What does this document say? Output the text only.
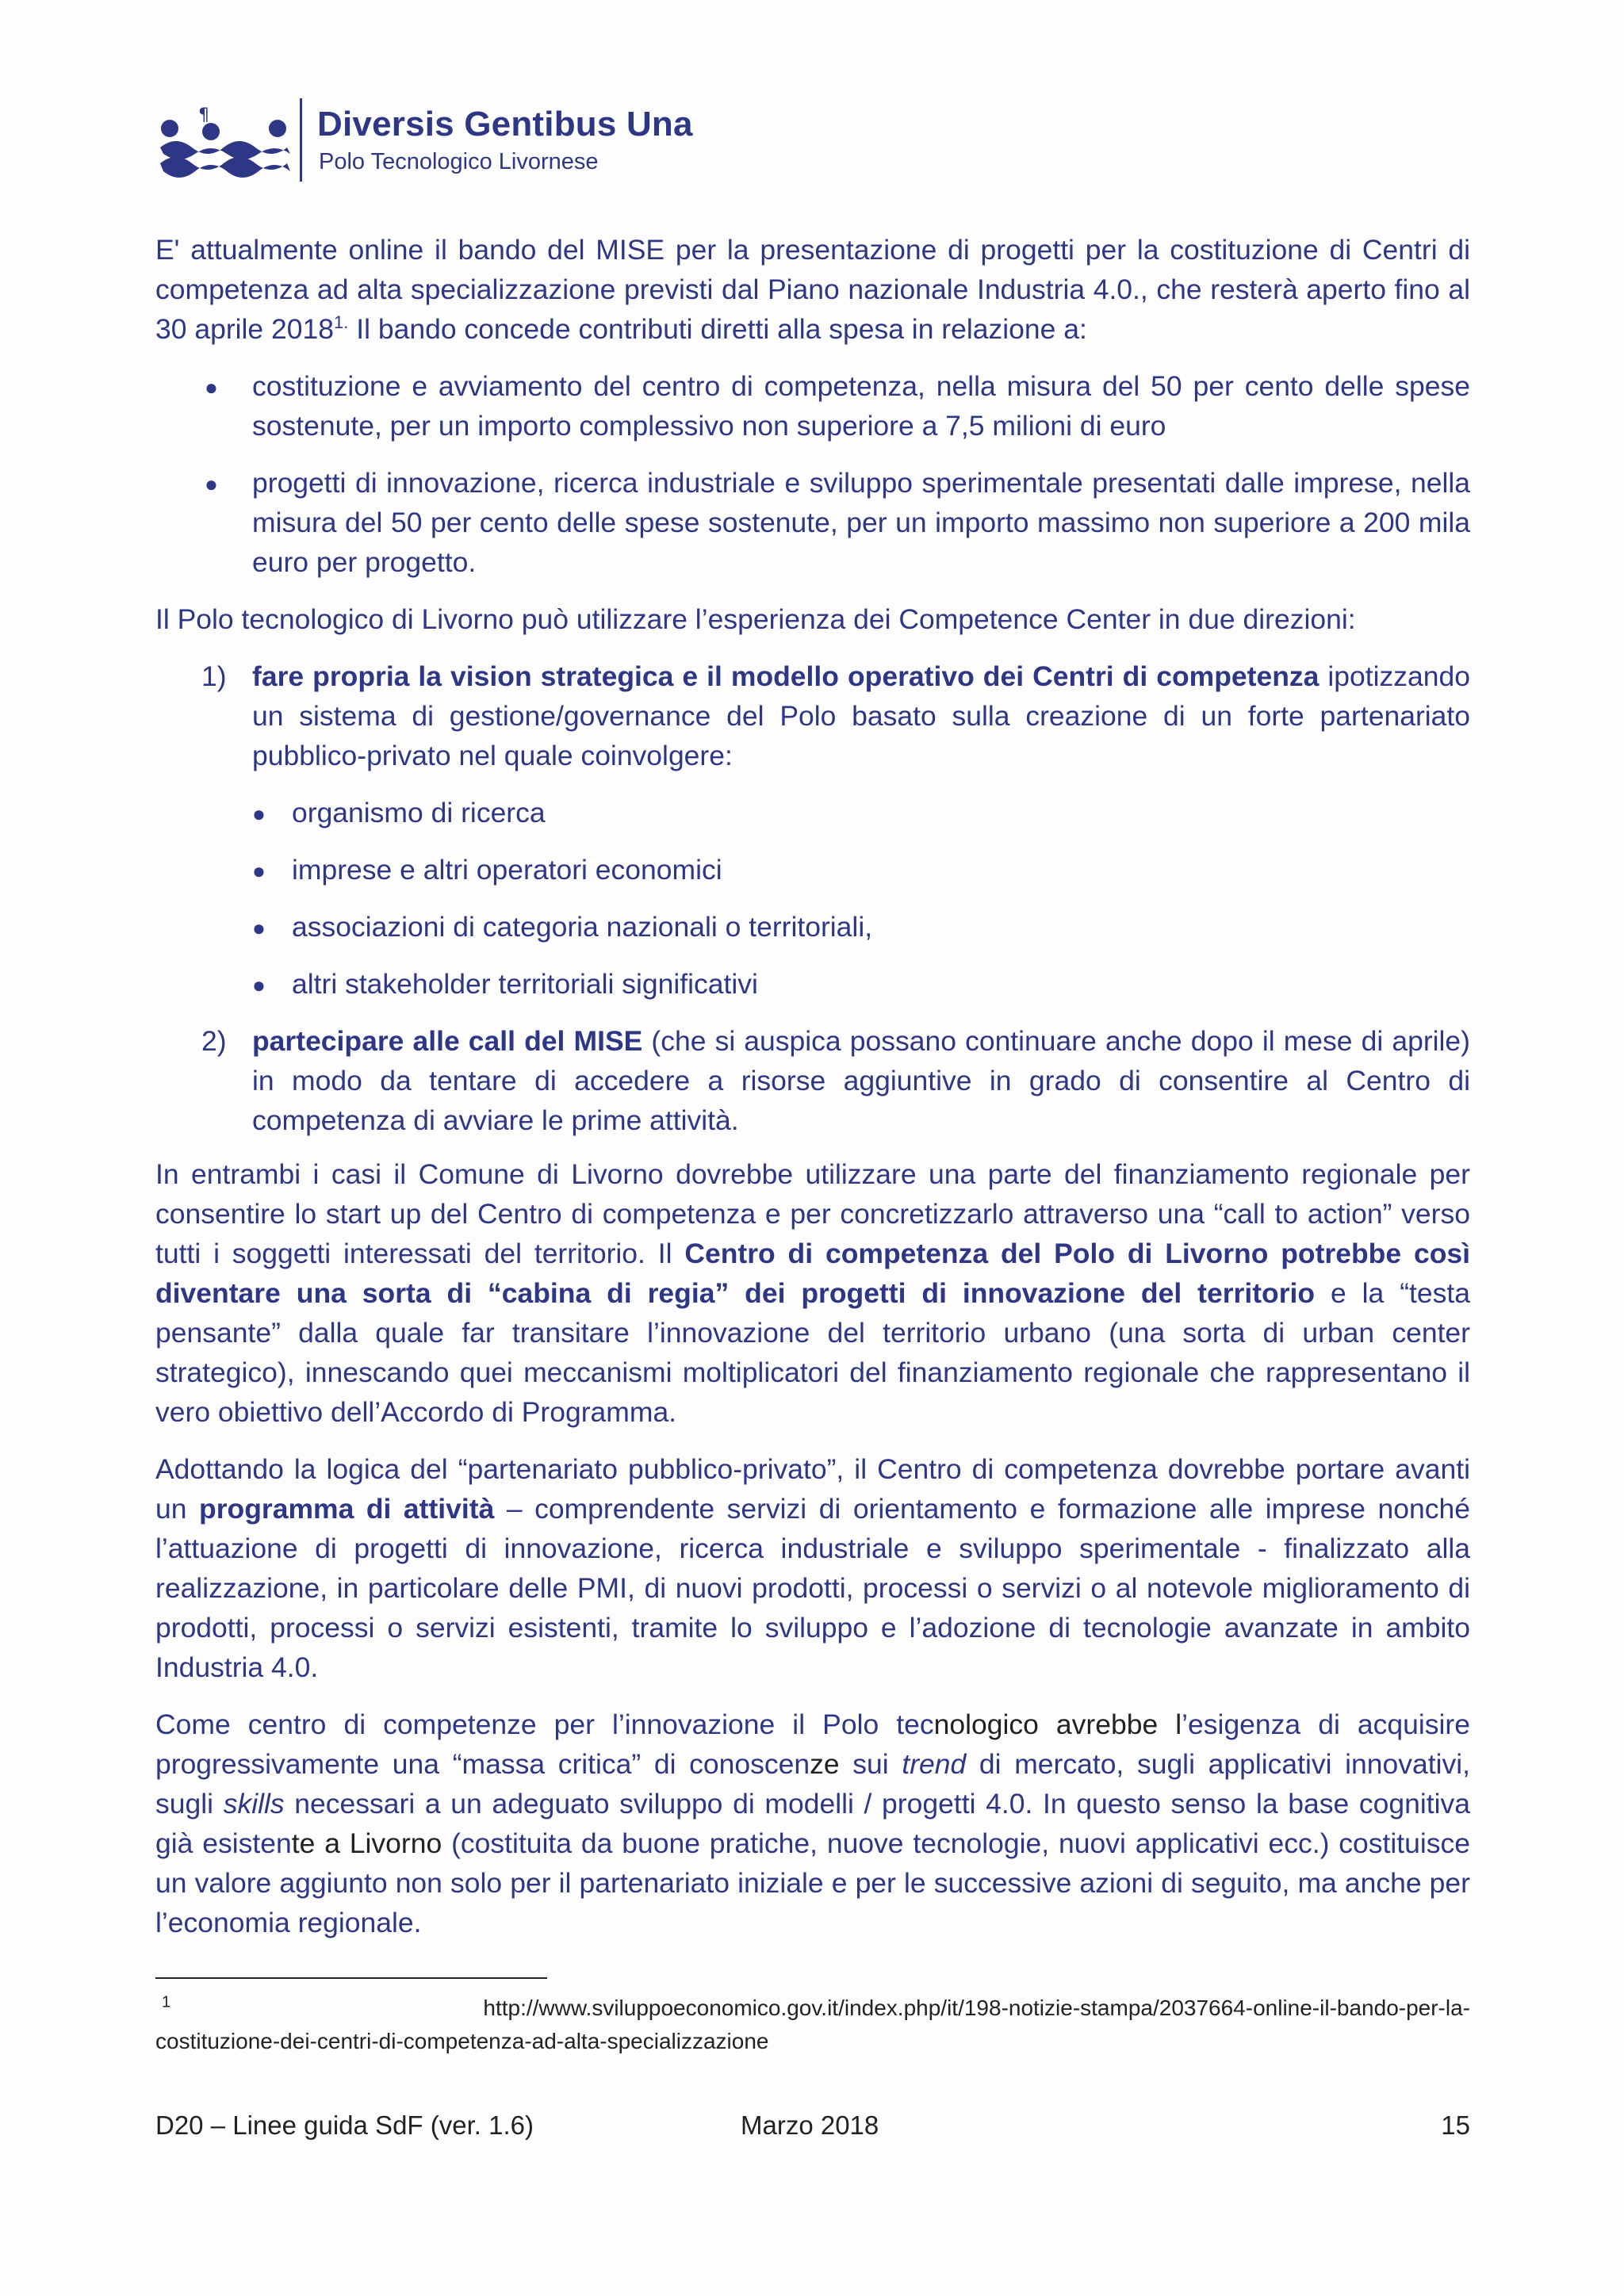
¶	Diversis Gentibus Una
Polo Tecnologico Livornese

E' attualmente online il bando del MISE per la presentazione di progetti per la costituzione di Centri di competenza ad alta specializzazione previsti dal Piano nazionale Industria 4.0., che resterà aperto fino al 30 aprile $2018^{1.}$ Il bando concede contributi diretti alla spesa in relazione a:

● costituzione e avviamento del centro di competenza, nella misura del 50 per cento delle spese sostenute, per un importo complessivo non superiore a 7,5 milioni di euro
● progetti di innovazione, ricerca industriale e sviluppo sperimentale presentati dalle imprese, nella misura del 50 per cento delle spese sostenute, per un importo massimo non superiore a 200 mila euro per progetto.

Il Polo tecnologico di Livorno può utilizzare l’esperienza dei Competence Center in due direzioni:

1) fare propria la vision strategica e il modello operativo dei Centri di competenza ipotizzando un sistema di gestione/governance del Polo basato sulla creazione di un forte partenariato pubblico-privato nel quale coinvolgere:
● organismo di ricerca
● imprese e altri operatori economici
● associazioni di categoria nazionali o territoriali,
● altri stakeholder territoriali significativi
2) partecipare alle call del MISE (che si auspica possano continuare anche dopo il mese di aprile) in modo da tentare di accedere a risorse aggiuntive in grado di consentire al Centro di competenza di avviare le prime attività.

In entrambi i casi il Comune di Livorno dovrebbe utilizzare una parte del finanziamento regionale per consentire lo start up del Centro di competenza e per concretizzarlo attraverso una “call to action” verso tutti i soggetti interessati del territorio. Il Centro di competenza del Polo di Livorno potrebbe così diventare una sorta di “cabina di regia” dei progetti di innovazione del territorio e la “testa pensante” dalla quale far transitare l’innovazione del territorio urbano (una sorta di urban center strategico), innescando quei meccanismi moltiplicatori del finanziamento regionale che rappresentano il vero obiettivo dell’Accordo di Programma.

Adottando la logica del “partenariato pubblico-privato”, il Centro di competenza dovrebbe portare avanti un programma di attività – comprendente servizi di orientamento e formazione alle imprese nonché l’attuazione di progetti di innovazione, ricerca industriale e sviluppo sperimentale - finalizzato alla realizzazione, in particolare delle PMI, di nuovi prodotti, processi o servizi o al notevole miglioramento di prodotti, processi o servizi esistenti, tramite lo sviluppo e l’adozione di tecnologie avanzate in ambito Industria 4.0.

Come centro di competenze per l’innovazione il Polo tecnologico avrebbe l’esigenza di acquisire progressivamente una “massa critica” di conoscenze sui trend di mercato, sugli applicativi innovativi, sugli skills necessari a un adeguato sviluppo di modelli / progetti 4.0. In questo senso la base cognitiva già esistente a Livorno (costituita da buone pratiche, nuove tecnologie, nuovi applicativi ecc.) costituisce un valore aggiunto non solo per il partenariato iniziale e per le successive azioni di seguito, ma anche per l’economia regionale.

$^1$	http://www.sviluppoeconomico.gov.it/index.php/it/198-notizie-stampa/2037664-online-il-bando-per-la-
costituzione-dei-centri-di-competenza-ad-alta-specializzazione
D20 – Linee guida SdF (ver. 1.6)	Marzo 2018	15
